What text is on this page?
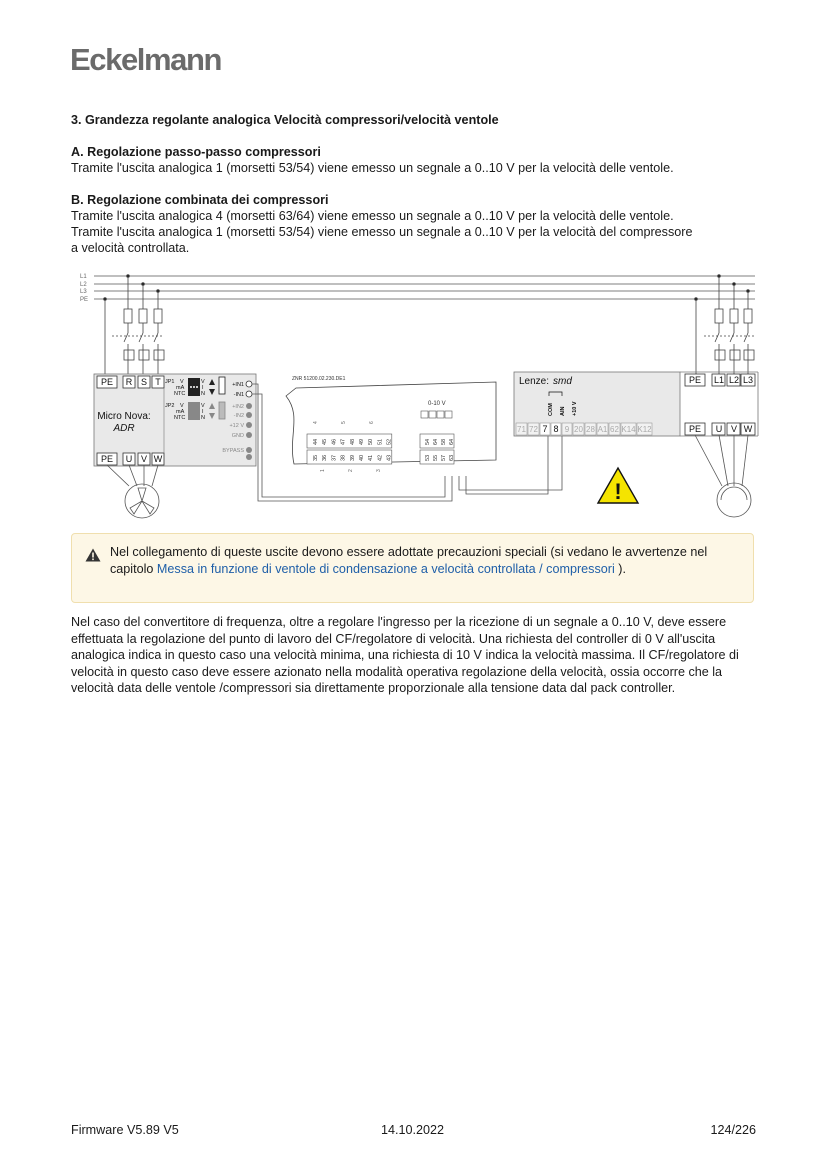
Eckelmann

3. Grandezza regolante analogica Velocità compressori/velocità ventole

A. Regolazione passo-passo compressori

Tramite l'uscita analogica 1 (morsetti 53/54) viene emesso un segnale a 0..10 V per la velocità delle ventole.

B. Regolazione combinata dei compressori

Tramite l'uscita analogica 4 (morsetti 63/64) viene emesso un segnale a 0..10 V per la velocità delle ventole.

Tramite l'uscita analogica 1 (morsetti 53/54) viene emesso un segnale a 0..10 V per la velocità del compressore

a velocità controllata.

L1
L2
L3
PE
PE R S T
PE U V W
Micro Nova:
ADR
JP1
JP2
V
mA
NTC
V
mA
NTC
V
I
N
V
I
N
+IN1
-IN1
+IN2
-IN2
+12 V
GND
BYPASS
ZNR 51200.02.230.DE1
0-10 V
44 45 46 47 48 49 50 51 52
35 36 37 38 39 40 41 42 43
4	5	6
1	2	3
54 64 58 64
53 55 57 63
Lenze: smd
71 72 7 8 9 20 28 A1 62 K14 K12
COM AIN +10 V
PE L1 L2 L3
PE U V W
!
Nel collegamento di queste uscite devono essere adottate precauzioni speciali (si vedano le avvertenze nel capitolo Messa in funzione di ventole di condensazione a velocità controllata / compressori ).

Nel caso del convertitore di frequenza, oltre a regolare l'ingresso per la ricezione di un segnale a 0..10 V, deve essere effettuata la regolazione del punto di lavoro del CF/regolatore di velocità. Una richiesta del controller di 0 V all'uscita analogica indica in questo caso una velocità minima, una richiesta di 10 V indica la velocità massima. Il CF/regolatore di velocità in questo caso deve essere azionato nella modalità operativa regolazione della velocità, ossia occorre che la velocità data delle ventole /compressori sia direttamente proporzionale alla tensione data dal pack controller.

Firmware V5.89 V5	14.10.2022	124/226
